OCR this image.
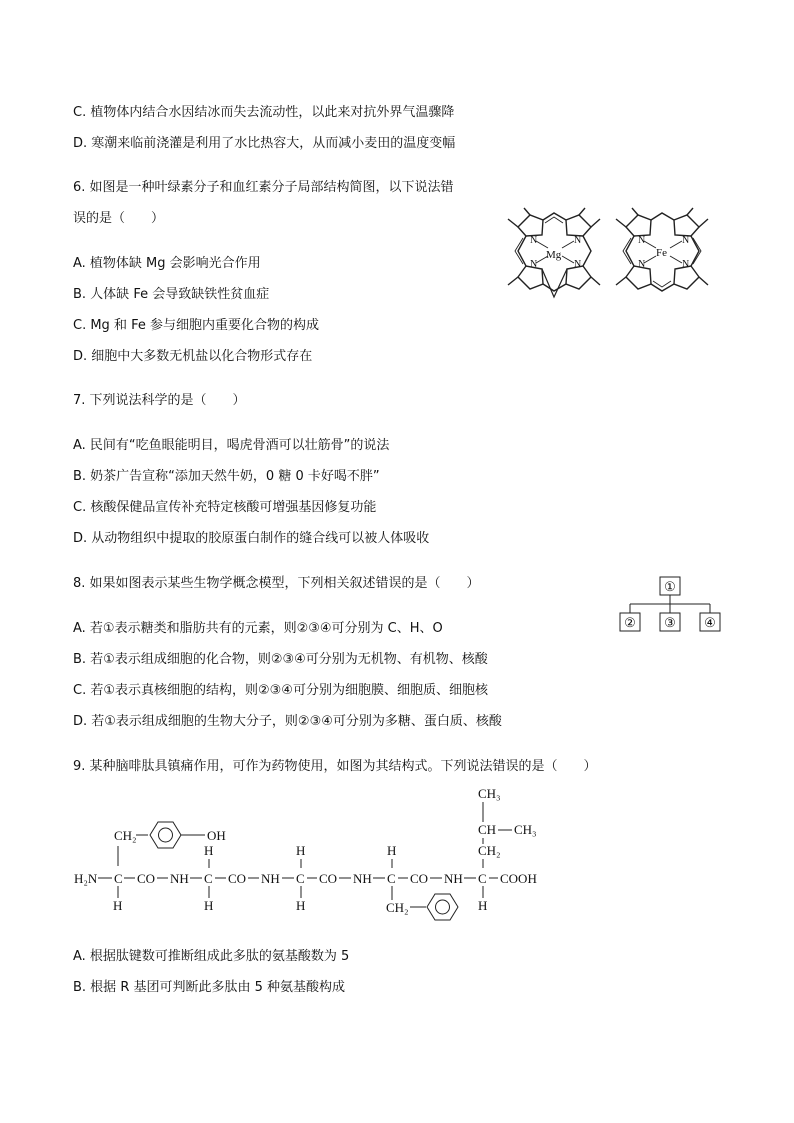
C. 植物体内结合水因结冰而失去流动性，以此来对抗外界气温骤降
D. 寒潮来临前浇灌是利用了水比热容大，从而减小麦田的温度变幅
6. 如图是一种叶绿素分子和血红素分子局部结构简图，以下说法错
误的是（　　）
A. 植物体缺 Mg 会影响光合作用
B. 人体缺 Fe 会导致缺铁性贫血症
C. Mg 和 Fe 参与细胞内重要化合物的构成
D. 细胞中大多数无机盐以化合物形式存在
N	N
N	N
Mg
N	N
N	N
Fe
7. 下列说法科学的是（　　）
A. 民间有“吃鱼眼能明目，喝虎骨酒可以壮筋骨”的说法
B. 奶茶广告宣称“添加天然牛奶，0 糖 0 卡好喝不胖”
C. 核酸保健品宣传补充特定核酸可增强基因修复功能
D. 从动物组织中提取的胶原蛋白制作的缝合线可以被人体吸收
8. 如果如图表示某些生物学概念模型，下列相关叙述错误的是（　　）
A. 若①表示糖类和脂肪共有的元素，则②③④可分别为 C、H、O
B. 若①表示组成细胞的化合物，则②③④可分别为无机物、有机物、核酸
C. 若①表示真核细胞的结构，则②③④可分别为细胞膜、细胞质、细胞核
D. 若①表示组成细胞的生物大分子，则②③④可分别为多糖、蛋白质、核酸
①
② ③ ④
9. 某种脑啡肽具镇痛作用，可作为药物使用，如图为其结构式。下列说法错误的是（　　）
CH₃
CH CH₃
CH₂
CH₂	OH
H	H	H
H₂N C CO NH C CO NH C CO NH C CO NH C COOH
H	H	H	CH₂	H
A. 根据肽键数可推断组成此多肽的氨基酸数为 5
B. 根据 R 基团可判断此多肽由 5 种氨基酸构成
